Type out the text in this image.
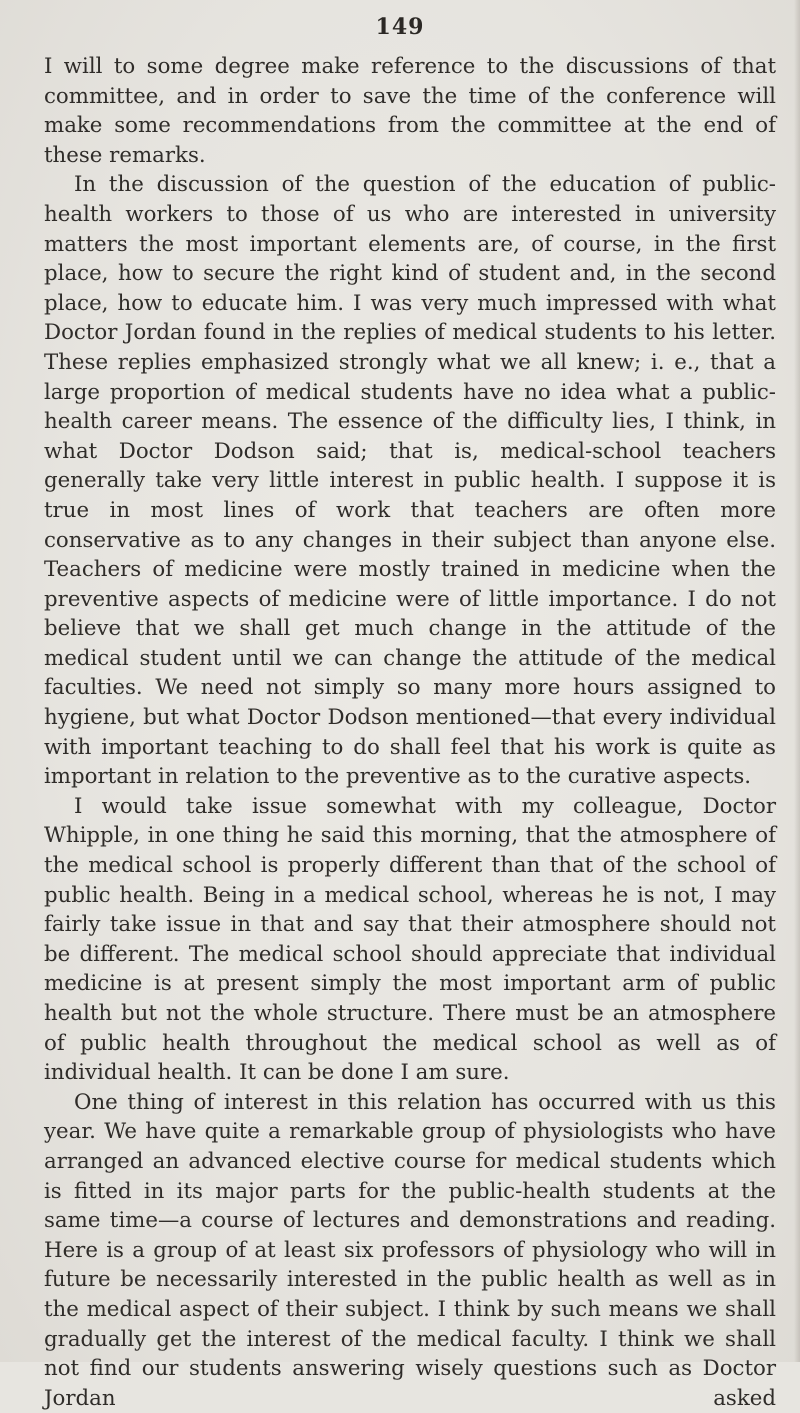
149

I will to some degree make reference to the discussions of that committee, and in order to save the time of the conference will make some recommendations from the committee at the end of these remarks.

In the discussion of the question of the education of public-health workers to those of us who are interested in university matters the most important elements are, of course, in the first place, how to secure the right kind of student and, in the second place, how to educate him. I was very much impressed with what Doctor Jordan found in the replies of medical students to his letter. These replies emphasized strongly what we all knew; i. e., that a large proportion of medical students have no idea what a public-health career means. The essence of the difficulty lies, I think, in what Doctor Dodson said; that is, medical-school teachers generally take very little interest in public health. I suppose it is true in most lines of work that teachers are often more conservative as to any changes in their subject than anyone else. Teachers of medicine were mostly trained in medicine when the preventive aspects of medicine were of little importance. I do not believe that we shall get much change in the attitude of the medical student until we can change the attitude of the medical faculties. We need not simply so many more hours assigned to hygiene, but what Doctor Dodson mentioned—that every individual with important teaching to do shall feel that his work is quite as important in relation to the preventive as to the curative aspects.

I would take issue somewhat with my colleague, Doctor Whipple, in one thing he said this morning, that the atmosphere of the medical school is properly different than that of the school of public health. Being in a medical school, whereas he is not, I may fairly take issue in that and say that their atmosphere should not be different. The medical school should appreciate that individual medicine is at present simply the most important arm of public health but not the whole structure. There must be an atmosphere of public health throughout the medical school as well as of individual health. It can be done I am sure.

One thing of interest in this relation has occurred with us this year. We have quite a remarkable group of physiologists who have arranged an advanced elective course for medical students which is fitted in its major parts for the public-health students at the same time—a course of lectures and demonstrations and reading. Here is a group of at least six professors of physiology who will in future be necessarily interested in the public health as well as in the medical aspect of their subject. I think by such means we shall gradually get the interest of the medical faculty. I think we shall not find our students answering wisely questions such as Doctor Jordan asked
